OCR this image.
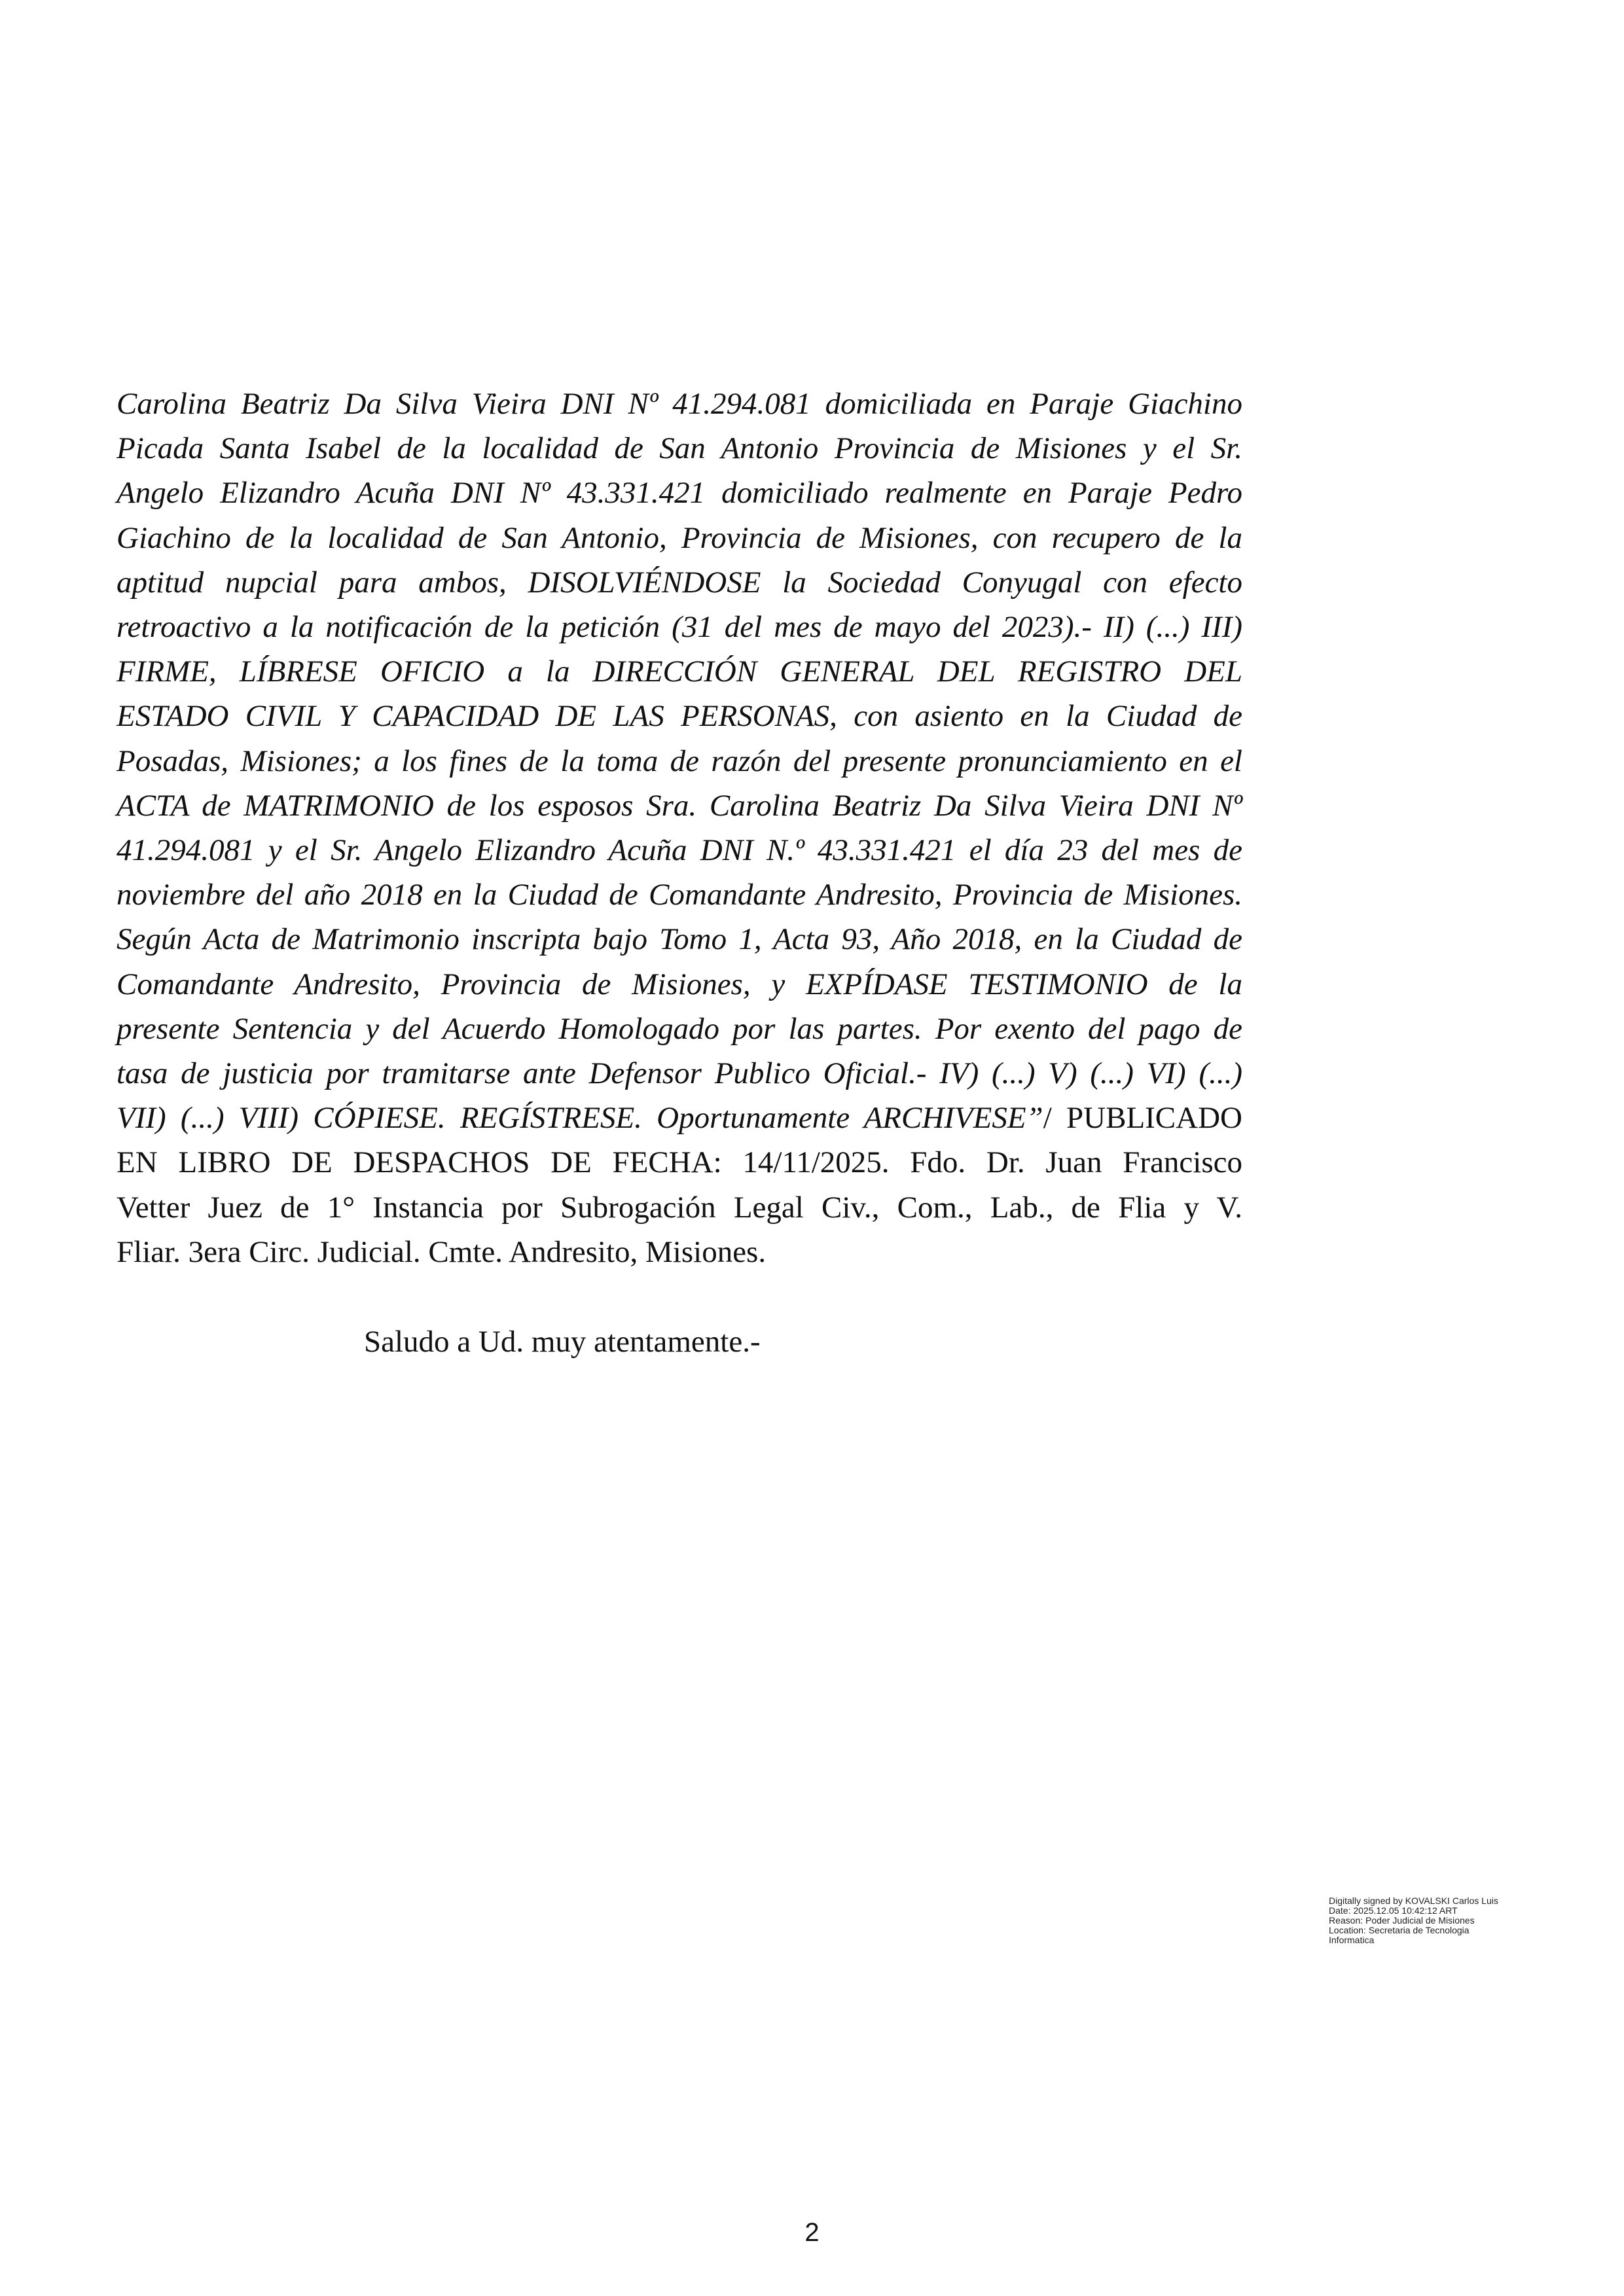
Carolina Beatriz Da Silva Vieira DNI Nº 41.294.081 domiciliada en Paraje Giachino
Picada Santa Isabel de la localidad de San Antonio Provincia de Misiones y el Sr.
Angelo Elizandro Acuña DNI Nº 43.331.421 domiciliado realmente en Paraje Pedro
Giachino de la localidad de San Antonio, Provincia de Misiones, con recupero de la
aptitud nupcial para ambos, DISOLVIÉNDOSE la Sociedad Conyugal con efecto
retroactivo a la notificación de la petición (31 del mes de mayo del 2023).- II) (...) III)
FIRME, LÍBRESE OFICIO a la DIRECCIÓN GENERAL DEL REGISTRO DEL
ESTADO CIVIL Y CAPACIDAD DE LAS PERSONAS, con asiento en la Ciudad de
Posadas, Misiones; a los fines de la toma de razón del presente pronunciamiento en el
ACTA de MATRIMONIO de los esposos Sra. Carolina Beatriz Da Silva Vieira DNI Nº
41.294.081 y el Sr. Angelo Elizandro Acuña DNI N.º 43.331.421 el día 23 del mes de
noviembre del año 2018 en la Ciudad de Comandante Andresito, Provincia de Misiones.
Según Acta de Matrimonio inscripta bajo Tomo 1, Acta 93, Año 2018, en la Ciudad de
Comandante Andresito, Provincia de Misiones, y EXPÍDASE TESTIMONIO de la
presente Sentencia y del Acuerdo Homologado por las partes. Por exento del pago de
tasa de justicia por tramitarse ante Defensor Publico Oficial.- IV) (...) V) (...) VI) (...)
VII) (...) VIII) CÓPIESE. REGÍSTRESE. Oportunamente ARCHIVESE”/ PUBLICADO
EN LIBRO DE DESPACHOS DE FECHA: 14/11/2025. Fdo. Dr. Juan Francisco
Vetter Juez de 1° Instancia por Subrogación Legal Civ., Com., Lab., de Flia y V.
Fliar. 3era Circ. Judicial. Cmte. Andresito, Misiones.

Saludo a Ud. muy atentamente.-

Digitally signed by KOVALSKI Carlos Luis
Date: 2025.12.05 10:42:12 ART
Reason: Poder Judicial de Misiones
Location: Secretaria de Tecnologia
Informatica

2
